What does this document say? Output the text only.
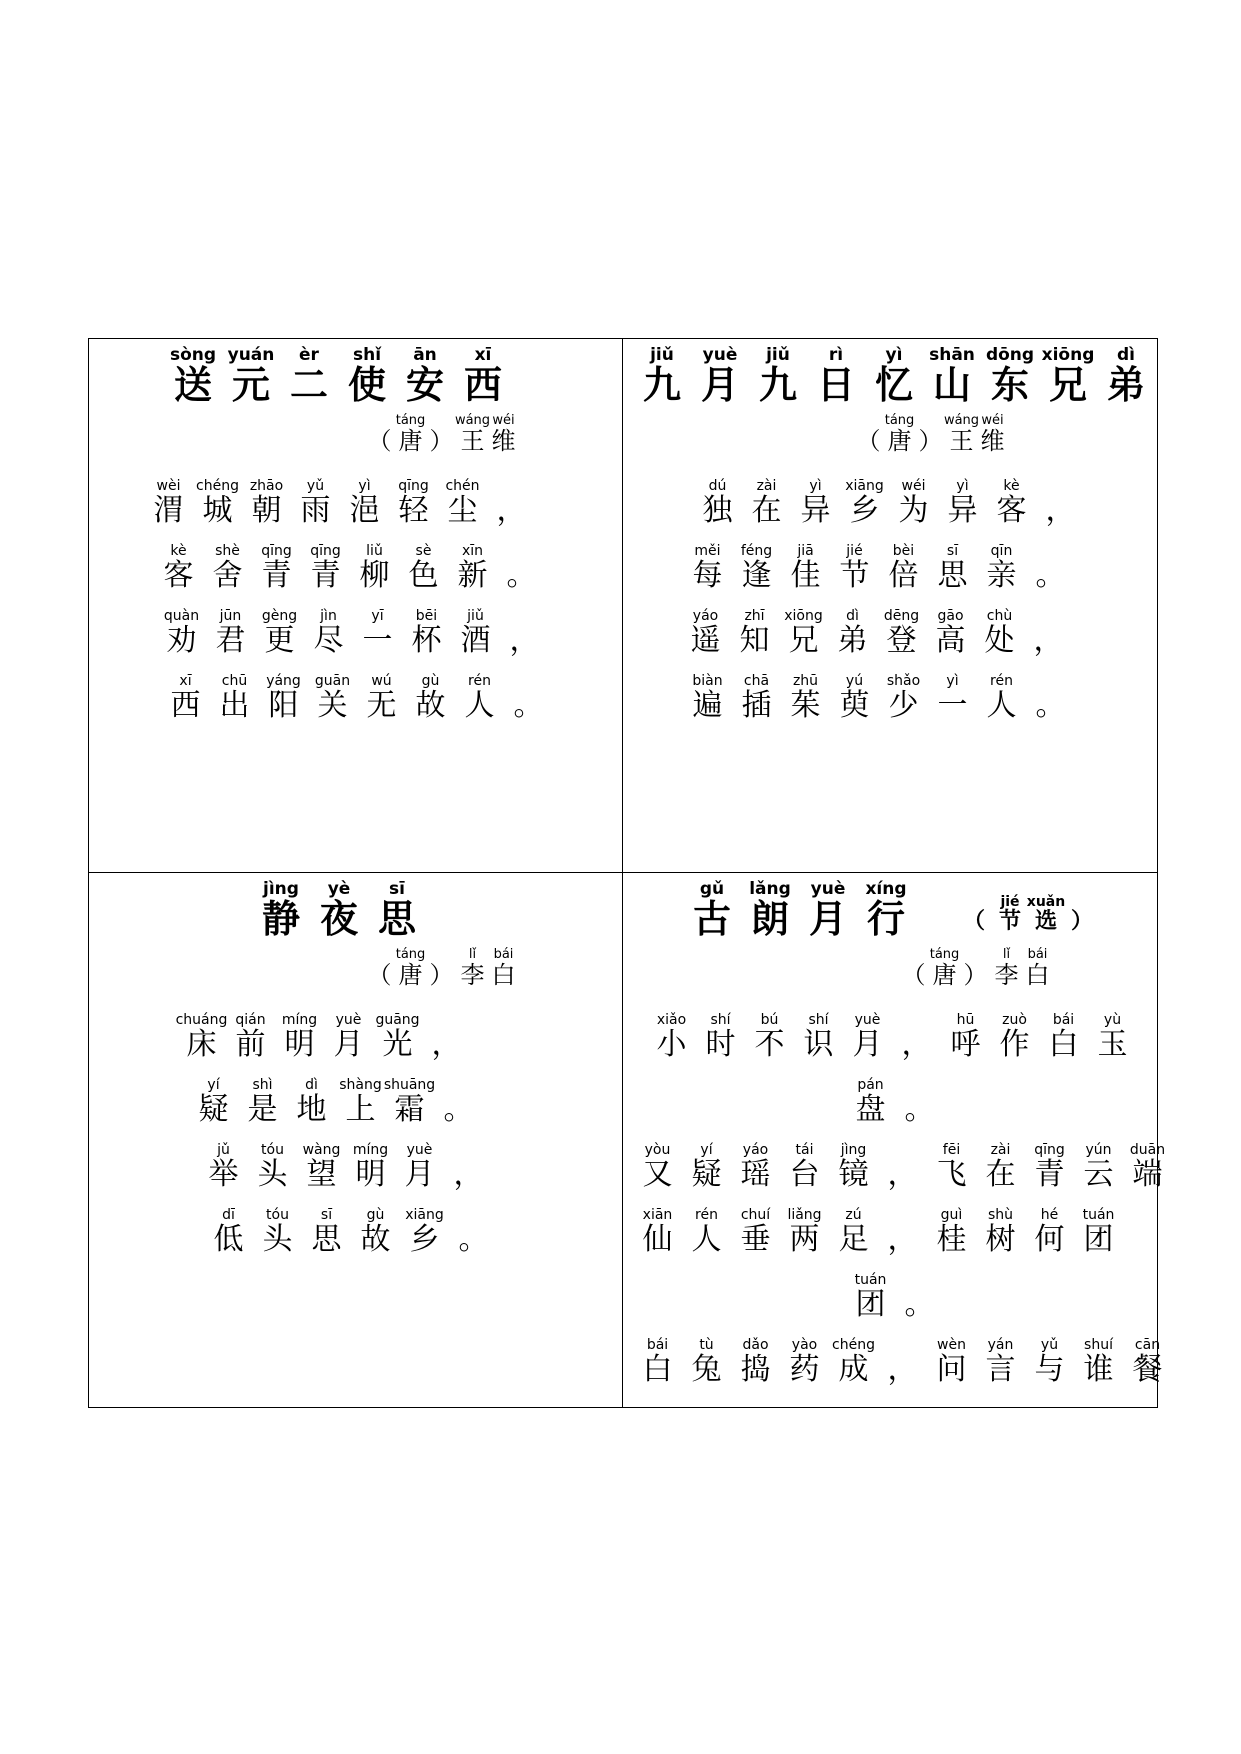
sòng
送
yuán
元
èr
二
shǐ
使
ān
安
xī
西

（
táng
唐
）
wáng
王
wéi
维
wèi
渭
chéng
城
zhāo
朝
yǔ
雨
yì
浥
qīng
轻
chén
尘
，
kè
客
shè
舍
qīng
青
qīng
青
liǔ
柳
sè
色
xīn
新
。
quàn
劝
jūn
君
gèng
更
jìn
尽
yī
一
bēi
杯
jiǔ
酒
，
xī
西
chū
出
yáng
阳
guān
关
wú
无
gù
故
rén
人
。
jiǔ
九
yuè
月
jiǔ
九
rì
日
yì
忆
shān
山
dōng
东
xiōng
兄
dì
弟

（
táng
唐
）
wáng
王
wéi
维
dú
独
zài
在
yì
异
xiāng
乡
wéi
为
yì
异
kè
客
，
měi
每
féng
逢
jiā
佳
jié
节
bèi
倍
sī
思
qīn
亲
。
yáo
遥
zhī
知
xiōng
兄
dì
弟
dēng
登
gāo
高
chù
处
，
biàn
遍
chā
插
zhū
茱
yú
萸
shǎo
少
yì
一
rén
人
。
jìng
静
yè
夜
sī
思

（
táng
唐
）
lǐ
李
bái
白
chuáng
床
qián
前
míng
明
yuè
月
guāng
光
，
yí
疑
shì
是
dì
地
shàng
上
shuāng
霜
。
jǔ
举
tóu
头
wàng
望
míng
明
yuè
月
，
dī
低
tóu
头
sī
思
gù
故
xiāng
乡
。
gǔ
古
lǎng
朗
yuè
月
xíng
行
	（
jié
节
xuǎn
选
）

（
táng
唐
）
lǐ
李
bái
白
xiǎo
小
shí
时
bú
不
shí
识
yuè
月
，
hū
呼
zuò
作
bái
白
yù
玉
pán
盘
。
yòu
又
yí
疑
yáo
瑶
tái
台
jìng
镜
，
fēi
飞
zài
在
qīng
青
yún
云
duān
端
xiān
仙
rén
人
chuí
垂
liǎng
两
zú
足
，
guì
桂
shù
树
hé
何
tuán
团
tuán
团
。
bái
白
tù
兔
dǎo
捣
yào
药
chéng
成
，
wèn
问
yán
言
yǔ
与
shuí
谁
cān
餐
